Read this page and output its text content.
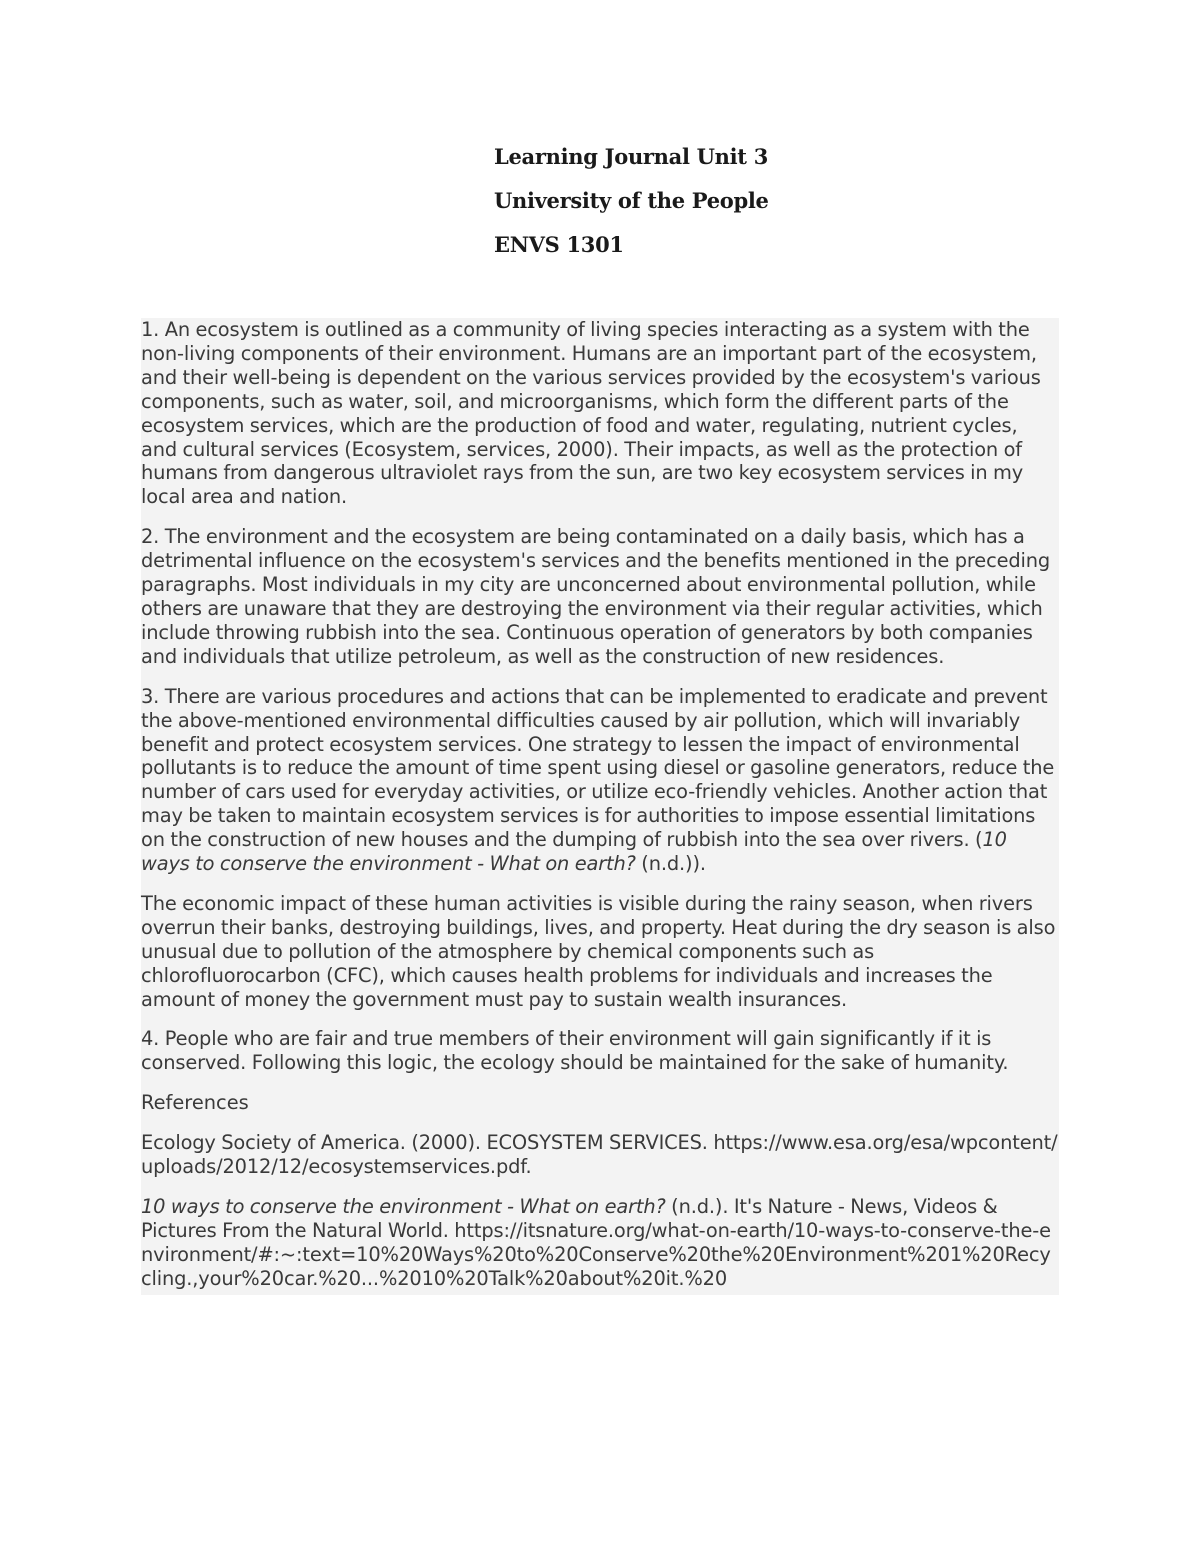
Learning Journal Unit 3
University of the People
ENVS 1301

1. An ecosystem is outlined as a community of living species interacting as a system with the non-living components of their environment. Humans are an important part of the ecosystem, and their well-being is dependent on the various services provided by the ecosystem's various components, such as water, soil, and microorganisms, which form the different parts of the ecosystem services, which are the production of food and water, regulating, nutrient cycles, and cultural services (Ecosystem, services, 2000). Their impacts, as well as the protection of humans from dangerous ultraviolet rays from the sun, are two key ecosystem services in my local area and nation.

2. The environment and the ecosystem are being contaminated on a daily basis, which has a detrimental influence on the ecosystem's services and the benefits mentioned in the preceding paragraphs. Most individuals in my city are unconcerned about environmental pollution, while others are unaware that they are destroying the environment via their regular activities, which include throwing rubbish into the sea. Continuous operation of generators by both companies and individuals that utilize petroleum, as well as the construction of new residences.

3. There are various procedures and actions that can be implemented to eradicate and prevent the above-mentioned environmental difficulties caused by air pollution, which will invariably benefit and protect ecosystem services. One strategy to lessen the impact of environmental pollutants is to reduce the amount of time spent using diesel or gasoline generators, reduce the number of cars used for everyday activities, or utilize eco-friendly vehicles. Another action that may be taken to maintain ecosystem services is for authorities to impose essential limitations on the construction of new houses and the dumping of rubbish into the sea over rivers. (10 ways to conserve the environment - What on earth? (n.d.)).

The economic impact of these human activities is visible during the rainy season, when rivers overrun their banks, destroying buildings, lives, and property. Heat during the dry season is also unusual due to pollution of the atmosphere by chemical components such as chlorofluorocarbon (CFC), which causes health problems for individuals and increases the amount of money the government must pay to sustain wealth insurances.

4. People who are fair and true members of their environment will gain significantly if it is conserved. Following this logic, the ecology should be maintained for the sake of humanity.

References

Ecology Society of America. (2000). ECOSYSTEM SERVICES. https://www.esa.org/esa/wpcontent/uploads/2012/12/ecosystemservices.pdf.

10 ways to conserve the environment - What on earth? (n.d.). It's Nature - News, Videos & Pictures From the Natural World. https://itsnature.org/what-on-earth/10-ways-to-conserve-the-environment/#:~:text=10%20Ways%20to%20Conserve%20the%20Environment%201%20Recycling.,your%20car.%20...%2010%20Talk%20about%20it.%20
